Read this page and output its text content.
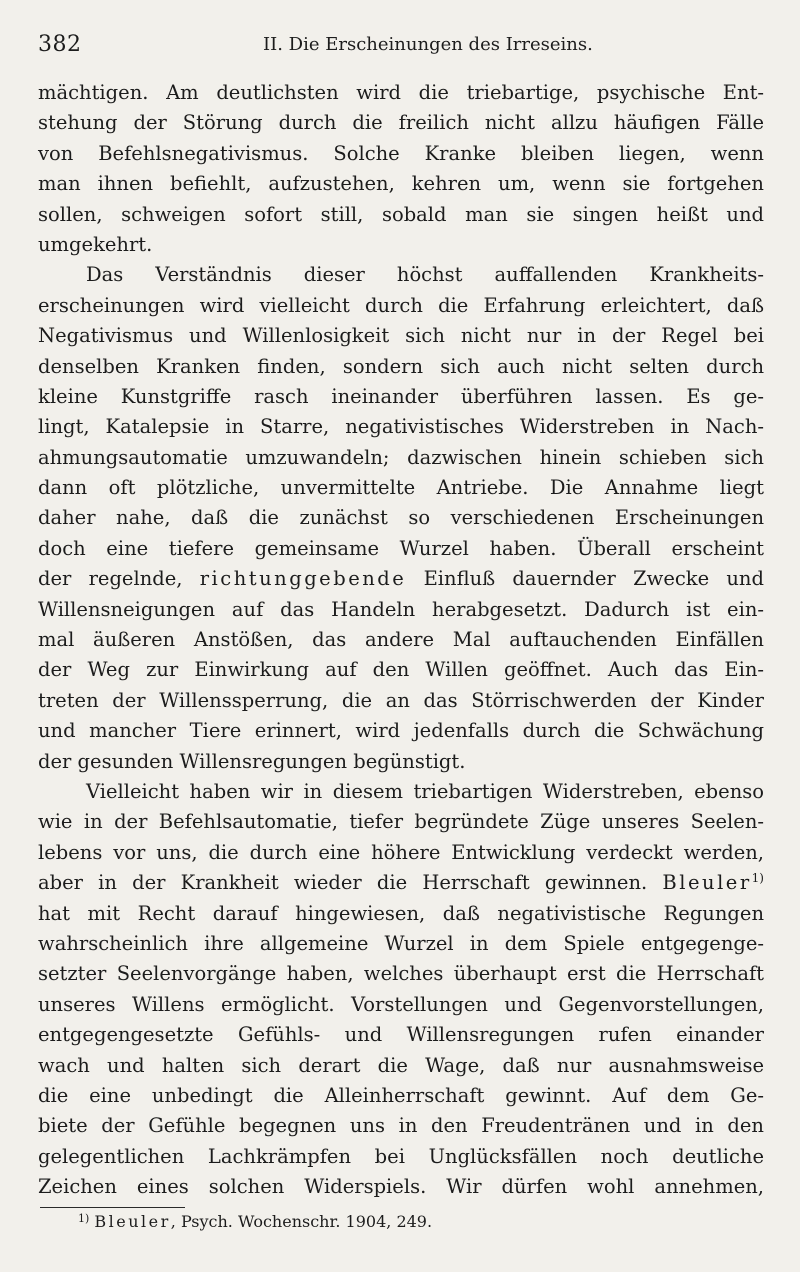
382	II. Die Erscheinungen des Irreseins.
mächtigen. Am deutlichsten wird die triebartige, psychische Ent-
stehung der Störung durch die freilich nicht allzu häufigen Fälle
von Befehlsnegativismus. Solche Kranke bleiben liegen, wenn
man ihnen befiehlt, aufzustehen, kehren um, wenn sie fortgehen
sollen, schweigen sofort still, sobald man sie singen heißt und
umgekehrt.
Das Verständnis dieser höchst auffallenden Krankheits-
erscheinungen wird vielleicht durch die Erfahrung erleichtert, daß
Negativismus und Willenlosigkeit sich nicht nur in der Regel bei
denselben Kranken finden, sondern sich auch nicht selten durch
kleine Kunstgriffe rasch ineinander überführen lassen. Es ge-
lingt, Katalepsie in Starre, negativistisches Widerstreben in Nach-
ahmungsautomatie umzuwandeln; dazwischen hinein schieben sich
dann oft plötzliche, unvermittelte Antriebe. Die Annahme liegt
daher nahe, daß die zunächst so verschiedenen Erscheinungen
doch eine tiefere gemeinsame Wurzel haben. Überall erscheint
der regelnde, richtunggebende Einfluß dauernder Zwecke und
Willensneigungen auf das Handeln herabgesetzt. Dadurch ist ein-
mal äußeren Anstößen, das andere Mal auftauchenden Einfällen
der Weg zur Einwirkung auf den Willen geöffnet. Auch das Ein-
treten der Willenssperrung, die an das Störrischwerden der Kinder
und mancher Tiere erinnert, wird jedenfalls durch die Schwächung
der gesunden Willensregungen begünstigt.
Vielleicht haben wir in diesem triebartigen Widerstreben, ebenso
wie in der Befehlsautomatie, tiefer begründete Züge unseres Seelen-
lebens vor uns, die durch eine höhere Entwicklung verdeckt werden,
aber in der Krankheit wieder die Herrschaft gewinnen. Bleuler$^{1)}$
hat mit Recht darauf hingewiesen, daß negativistische Regungen
wahrscheinlich ihre allgemeine Wurzel in dem Spiele entgegenge-
setzter Seelenvorgänge haben, welches überhaupt erst die Herrschaft
unseres Willens ermöglicht. Vorstellungen und Gegenvorstellungen,
entgegengesetzte Gefühls- und Willensregungen rufen einander
wach und halten sich derart die Wage, daß nur ausnahmsweise
die eine unbedingt die Alleinherrschaft gewinnt. Auf dem Ge-
biete der Gefühle begegnen uns in den Freudentränen und in den
gelegentlichen Lachkrämpfen bei Unglücksfällen noch deutliche
Zeichen eines solchen Widerspiels. Wir dürfen wohl annehmen,
$^{1)}$ Bleuler, Psych. Wochenschr. 1904, 249.
